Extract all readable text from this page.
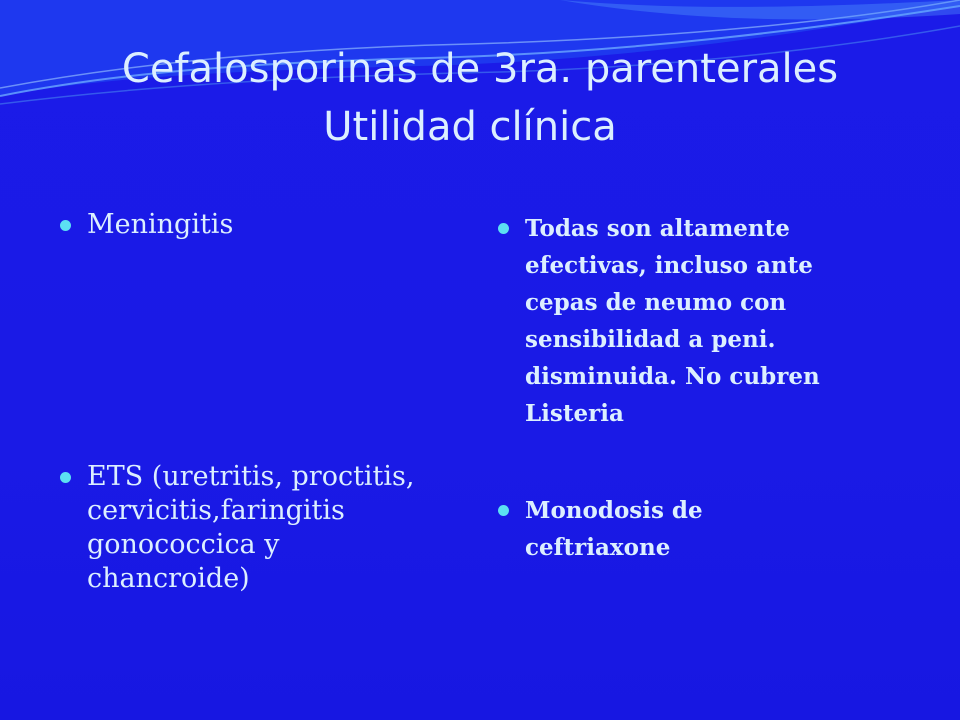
Cefalosporinas de 3ra. parenterales
Utilidad clínica
Meningitis
ETS (uretritis, proctitis,
cervicitis,faringitis
gonococcica y
chancroide)
Todas son altamente
efectivas, incluso ante
cepas de neumo con
sensibilidad a peni.
disminuida. No cubren
Listeria
Monodosis de
ceftriaxone
